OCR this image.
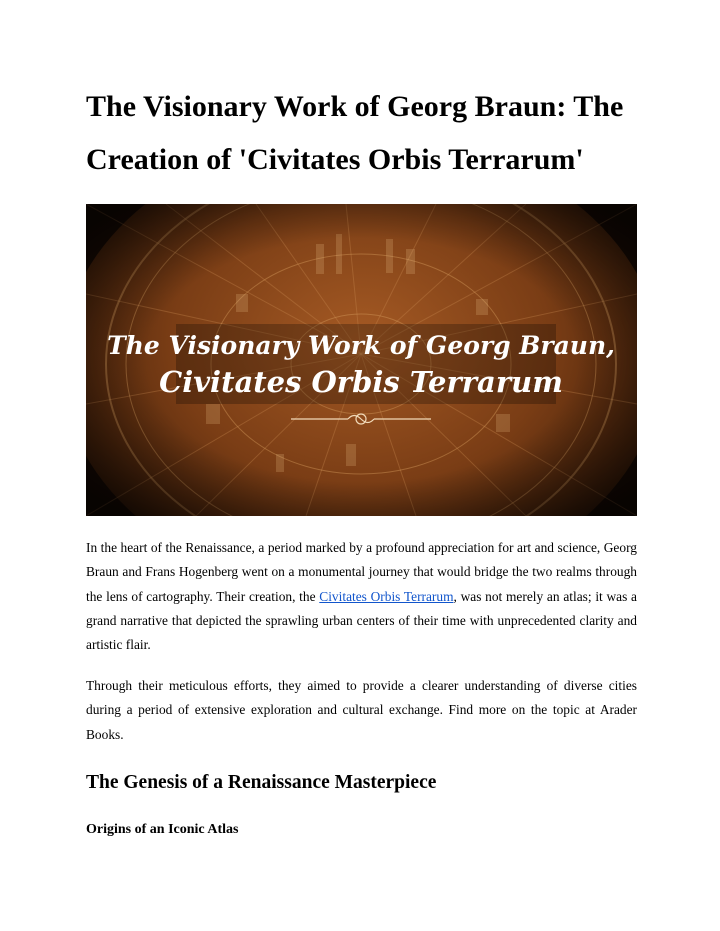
The Visionary Work of Georg Braun: The
Creation of 'Civitates Orbis Terrarum'
The Visionary Work of Georg Braun,
Civitates Orbis Terrarum

In the heart of the Renaissance, a period marked by a profound appreciation for art and science, Georg Braun and Frans Hogenberg went on a monumental journey that would bridge the two realms through the lens of cartography. Their creation, the Civitates Orbis Terrarum, was not merely an atlas; it was a grand narrative that depicted the sprawling urban centers of their time with unprecedented clarity and artistic flair.

Through their meticulous efforts, they aimed to provide a clearer understanding of diverse cities during a period of extensive exploration and cultural exchange. Find more on the topic at Arader Books.

The Genesis of a Renaissance Masterpiece
Origins of an Iconic Atlas
